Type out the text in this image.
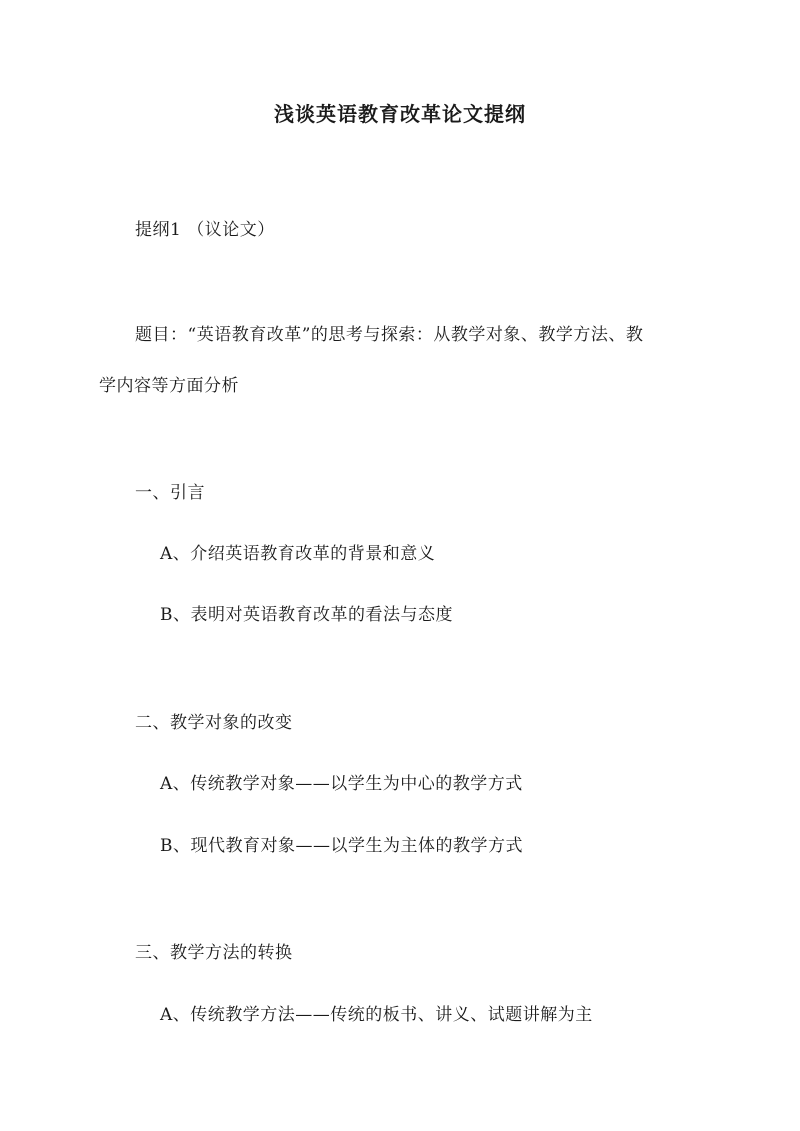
浅谈英语教育改革论文提纲
提纲1 （议论文）
题目：“英语教育改革”的思考与探索：从教学对象、教学方法、教
学内容等方面分析
一、引言
A、介绍英语教育改革的背景和意义
B、表明对英语教育改革的看法与态度
二、教学对象的改变
A、传统教学对象——以学生为中心的教学方式
B、现代教育对象——以学生为主体的教学方式
三、教学方法的转换
A、传统教学方法——传统的板书、讲义、试题讲解为主
